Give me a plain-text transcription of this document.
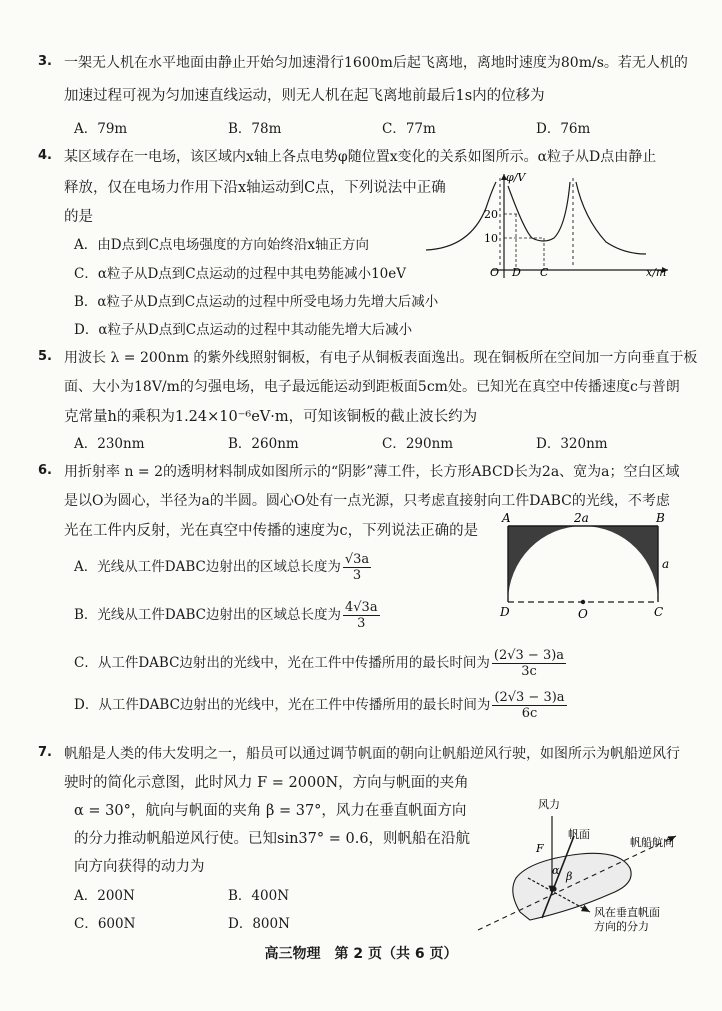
3. 一架无人机在水平地面由静止开始匀加速滑行1600m后起飞离地，离地时速度为80m/s。若无人机的
加速过程可视为匀加速直线运动，则无人机在起飞离地前最后1s内的位移为
A．79m	B．78m	C．77m	D．76m
4. 某区域存在一电场，该区域内x轴上各点电势φ随位置x变化的关系如图所示。α粒子从D点由静止
释放，仅在电场力作用下沿x轴运动到C点，下列说法中正确
的是
A．由D点到C点电场强度的方向始终沿x轴正方向
C．α粒子从D点到C点运动的过程中其电势能减小10eV
B．α粒子从D点到C点运动的过程中所受电场力先增大后减小
D．α粒子从D点到C点运动的过程中其动能先增大后减小
φ/V
20
10
O D C	x/m
5. 用波长 λ = 200nm 的紫外线照射铜板，有电子从铜板表面逸出。现在铜板所在空间加一方向垂直于板
面、大小为18V/m的匀强电场，电子最远能运动到距板面5cm处。已知光在真空中传播速度c与普朗
克常量h的乘积为1.24×10⁻⁶eV·m，可知该铜板的截止波长约为
A．230nm	B．260nm	C．290nm	D．320nm
6. 用折射率 n = 2的透明材料制成如图所示的“阴影”薄工件，长方形ABCD长为2a、宽为a；空白区域
是以O为圆心，半径为a的半圆。圆心O处有一点光源，只考虑直接射向工件DABC的光线，不考虑
光在工件内反射，光在真空中传播的速度为c，下列说法正确的是
A．光线从工件DABC边射出的区域总长度为 $\frac{√3a}{3}$
B．光线从工件DABC边射出的区域总长度为 $\frac{4√3a}{3}$
C．从工件DABC边射出的光线中，光在工件中传播所用的最长时间为 $\frac{(2√3 - 3)a}{3c}$
D．从工件DABC边射出的光线中，光在工件中传播所用的最长时间为 $\frac{(2√3 - 3)a}{6c}$
A	B
C
D	O
2a
a
7. 帆船是人类的伟大发明之一，船员可以通过调节帆面的朝向让帆船逆风行驶，如图所示为帆船逆风行
驶时的简化示意图，此时风力 F = 2000N，方向与帆面的夹角
α = 30°，航向与帆面的夹角 β = 37°，风力在垂直帆面方向
的分力推动帆船逆风行使。已知sin37° = 0.6，则帆船在沿航
向方向获得的动力为
A．200N	B．400N
C．600N	D．800N
风力
帆面
帆船航向
F
α β
风在垂直帆面
方向的分力
高三物理　第 2 页（共 6 页）
